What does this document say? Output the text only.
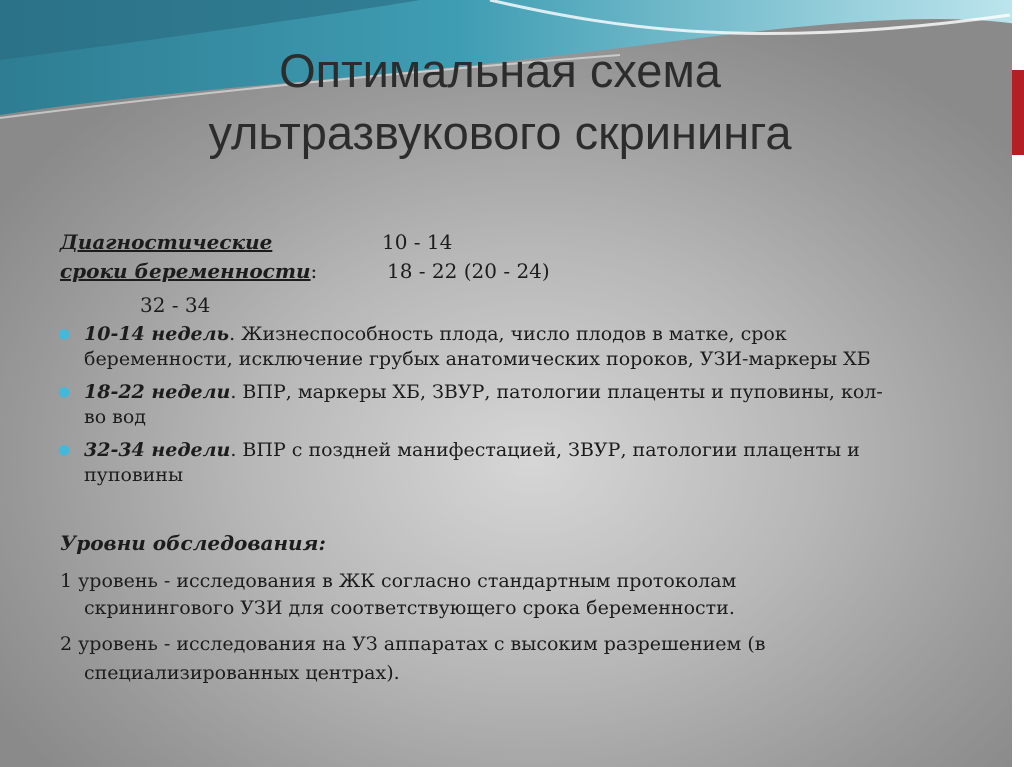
Оптимальная схема
ультразвукового скрининга
Диагностические	10 - 14
сроки беременности:	18 - 22 (20 - 24)
32 - 34
● 10-14 недель. Жизнеспособность плода, число плодов в матке, срок
беременности, исключение грубых анатомических пороков, УЗИ-маркеры ХБ
● 18-22 недели. ВПР, маркеры ХБ, ЗВУР, патологии плаценты и пуповины, кол-
во вод
● 32-34 недели. ВПР с поздней манифестацией, ЗВУР, патологии плаценты и
пуповины
Уровни обследования:
1 уровень - исследования в ЖК согласно стандартным протоколам
скринингового УЗИ для соответствующего срока беременности.
2 уровень - исследования на УЗ аппаратах с высоким разрешением (в
специализированных центрах).
